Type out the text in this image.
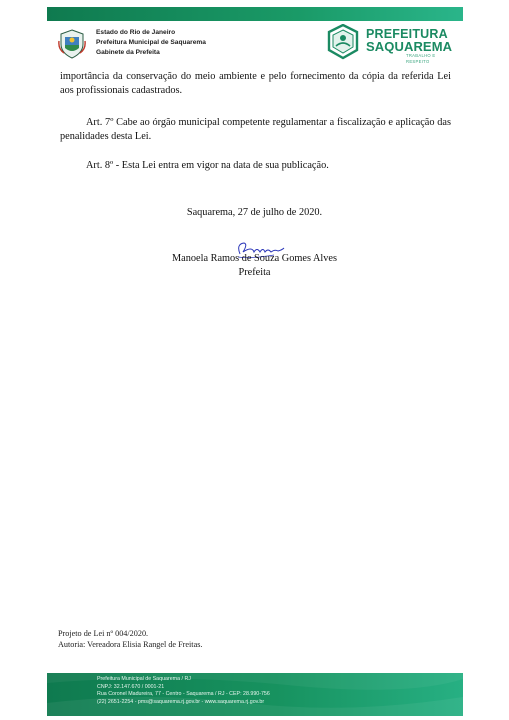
Estado do Rio de Janeiro
Prefeitura Municipal de Saquarema
Gabinete da Prefeita
PREFEITURA
SAQUAREMA
TRABALHO E RESPEITO
importância da conservação do meio ambiente e pelo fornecimento da cópia da referida Lei aos profissionais cadastrados.
Art. 7º Cabe ao órgão municipal competente regulamentar a fiscalização e aplicação das penalidades desta Lei.
Art. 8º - Esta Lei entra em vigor na data de sua publicação.
Saquarema, 27 de julho de 2020.
Manoela Ramos de Souza Gomes Alves
Prefeita
Projeto de Lei nº 004/2020.
Autoria: Vereadora Elisia Rangel de Freitas.
Prefeitura Municipal de Saquarema / RJ
CNPJ: 32.147.670 / 0001-21
Rua Coronel Madureira, 77 - Centro - Saquarema / RJ - CEP: 28.990-756
(22) 2651-2254 - pms@saquarema.rj.gov.br - www.saquarema.rj.gov.br
